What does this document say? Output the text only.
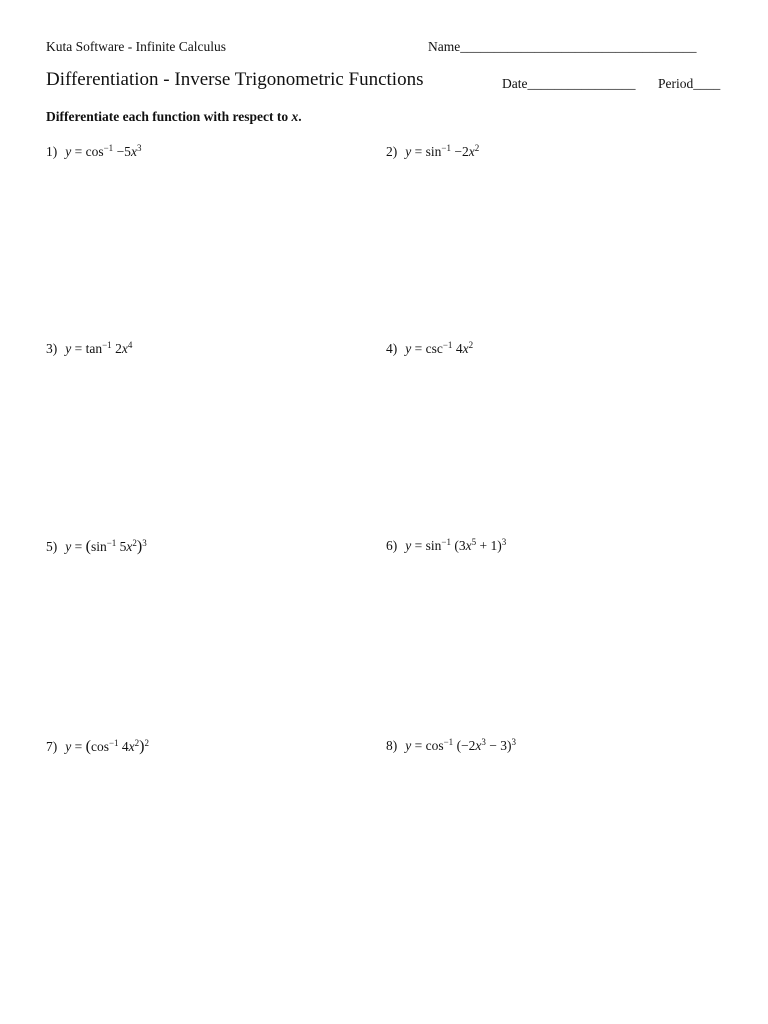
Kuta Software - Infinite Calculus	Name___________________________________
Differentiation - Inverse Trigonometric Functions	Date________________ Period____
Differentiate each function with respect to x.
1) $y = \cos^{-1} -5x^3$	2) $y = \sin^{-1} -2x^2$
3) $y = \tan^{-1} 2x^4$	4) $y = \csc^{-1} 4x^2$
5) $y = (\sin^{-1}$ $5x^2)^3$	6) $y = \sin^{-1} (3x^5 + 1)^3$
7) $y = (\cos^{-1}$ $4x^2)^2$	8) $y = \cos^{-1} (-2x^3 - 3)^3$
